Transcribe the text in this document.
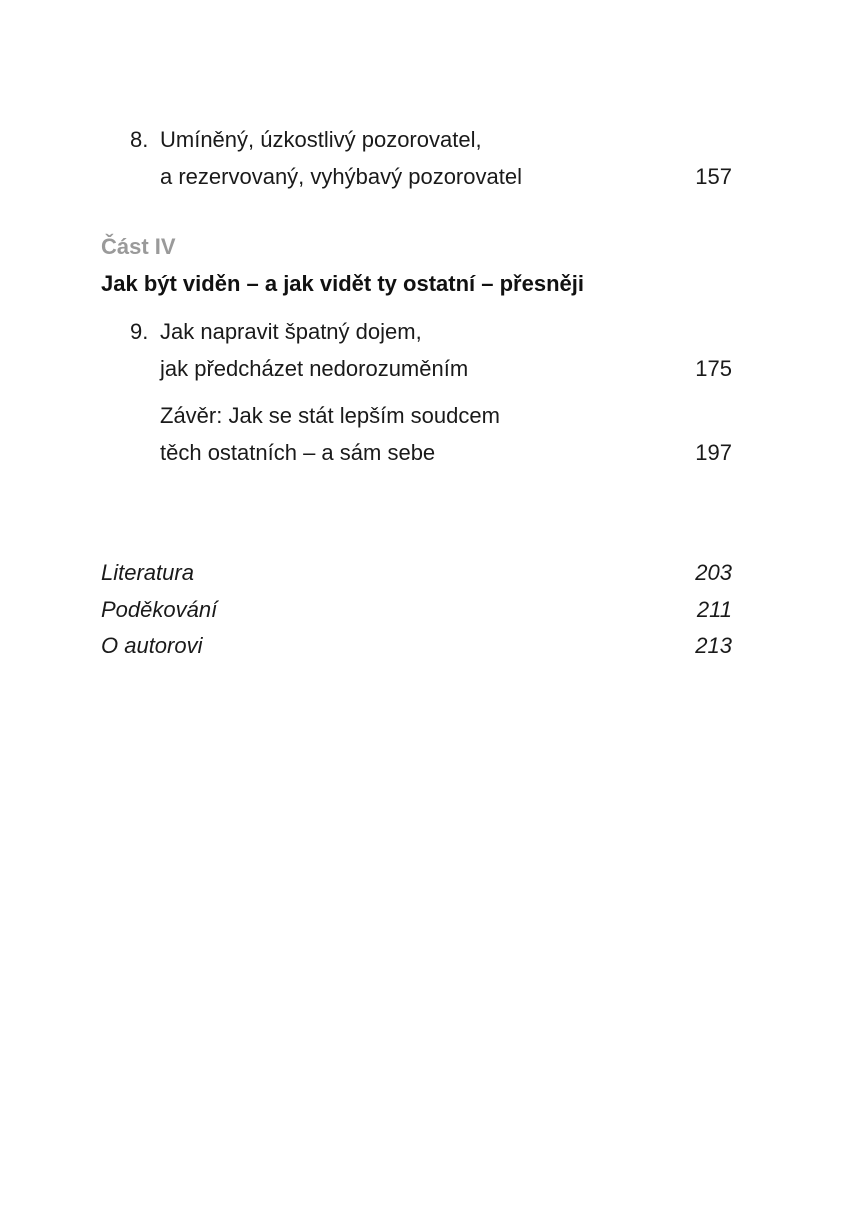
8. Umíněný, úzkostlivý pozorovatel,
a rezervovaný, vyhýbavý pozorovatel	157
Část IV
Jak být viděn – a jak vidět ty ostatní – přesněji
9. Jak napravit špatný dojem,
jak předcházet nedorozuměním	175
Závěr: Jak se stát lepším soudcem
těch ostatních – a sám sebe	197
Literatura	203
Poděkování	211
O autorovi	213
